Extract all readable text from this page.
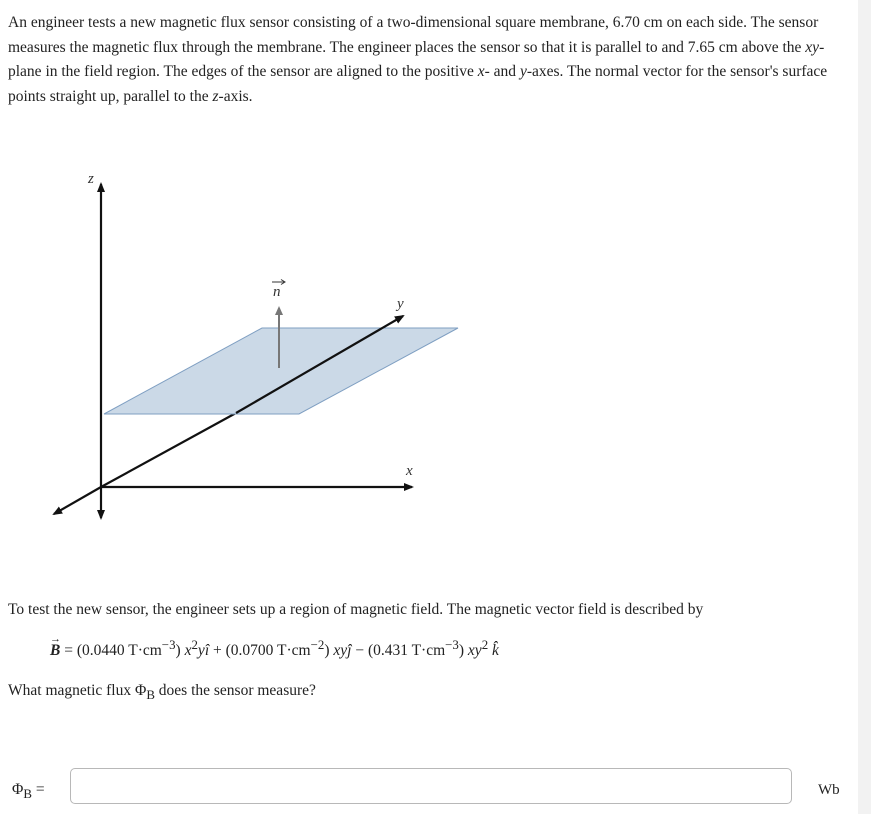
An engineer tests a new magnetic flux sensor consisting of a two-dimensional square membrane, 6.70 cm on each side. The sensor measures the magnetic flux through the membrane. The engineer places the sensor so that it is parallel to and 7.65 cm above the xy-plane in the field region. The edges of the sensor are aligned to the positive x- and y-axes. The normal vector for the sensor's surface points straight up, parallel to the z-axis.
z
y
x
n
To test the new sensor, the engineer sets up a region of magnetic field. The magnetic vector field is described by
B
→
= (0.0440 $T\cdot cm^{-3}$) $x^2yî + (0.0700$ $T\cdot cm^{-2}$) xyĵ − (0.431 $T\cdot cm^{-3}$) $xy^2$ k̂
What magnetic flux $\Phi_B$ does the sensor measure?
$\Phi_B$ =	Wb
